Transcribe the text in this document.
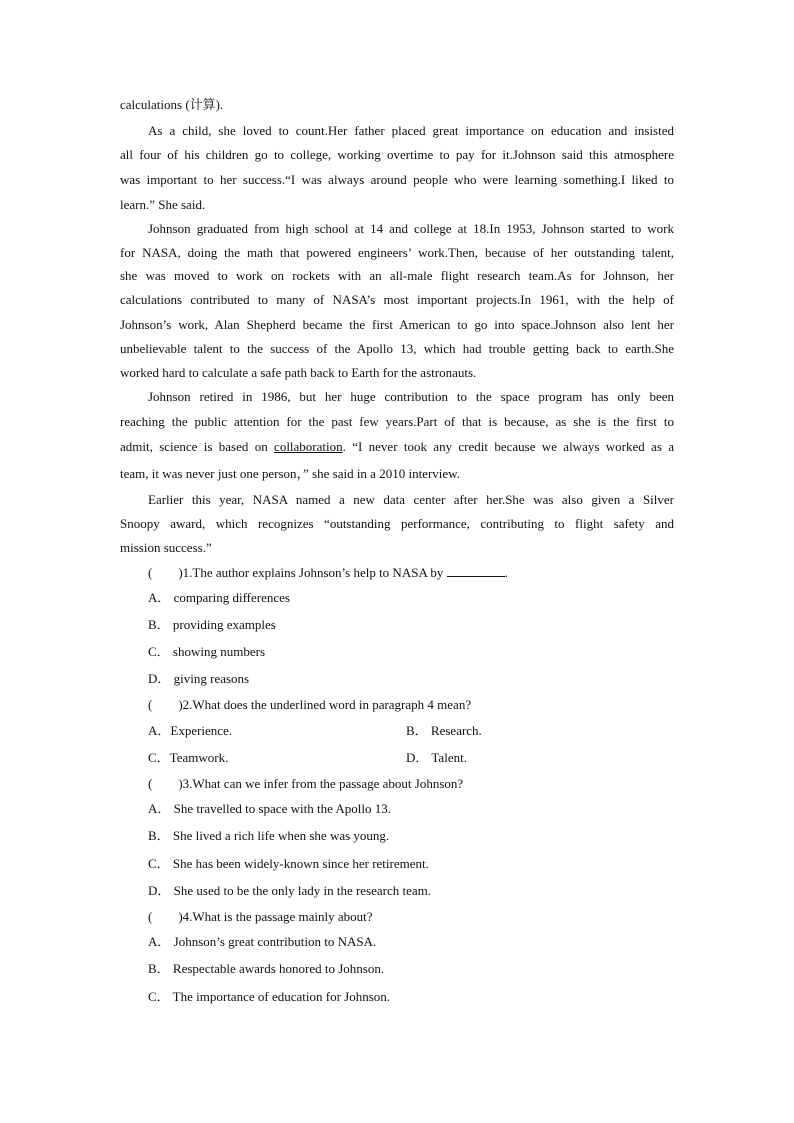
calculations (计算).
As a child, she loved to count.Her father placed great importance on education and insisted
all four of his children go to college, working overtime to pay for it.Johnson said this atmosphere
was important to her success.“I was always around people who were learning something.I liked to
learn.” She said.
Johnson graduated from high school at 14 and college at 18.In 1953, Johnson started to work
for NASA, doing the math that powered engineers’ work.Then, because of her outstanding talent,
she was moved to work on rockets with an all-male flight research team.As for Johnson, her
calculations contributed to many of NASA’s most important projects.In 1961, with the help of
Johnson’s work, Alan Shepherd became the first American to go into space.Johnson also lent her
unbelievable talent to the success of the Apollo 13, which had trouble getting back to earth.She
worked hard to calculate a safe path back to Earth for the astronauts.
Johnson retired in 1986, but her huge contribution to the space program has only been
reaching the public attention for the past few years.Part of that is because, as she is the first to
admit, science is based on collaboration. “I never took any credit because we always worked as a
team, it was never just one person，” she said in a 2010 interview.
Earlier this year, NASA named a new data center after her.She was also given a Silver
Snoopy award, which recognizes “outstanding performance, contributing to flight safety and
mission success.”
(　　)1.The author explains Johnson’s help to NASA by	.
A． comparing differences
B． providing examples
C． showing numbers
D． giving reasons
(　　)2.What does the underlined word in paragraph 4 mean?
A．Experience.	B． Research.
C．Teamwork.	D． Talent.
(　　)3.What can we infer from the passage about Johnson?
A． She travelled to space with the Apollo 13.
B． She lived a rich life when she was young.
C． She has been widely-known since her retirement.
D． She used to be the only lady in the research team.
(　　)4.What is the passage mainly about?
A． Johnson’s great contribution to NASA.
B． Respectable awards honored to Johnson.
C． The importance of education for Johnson.
